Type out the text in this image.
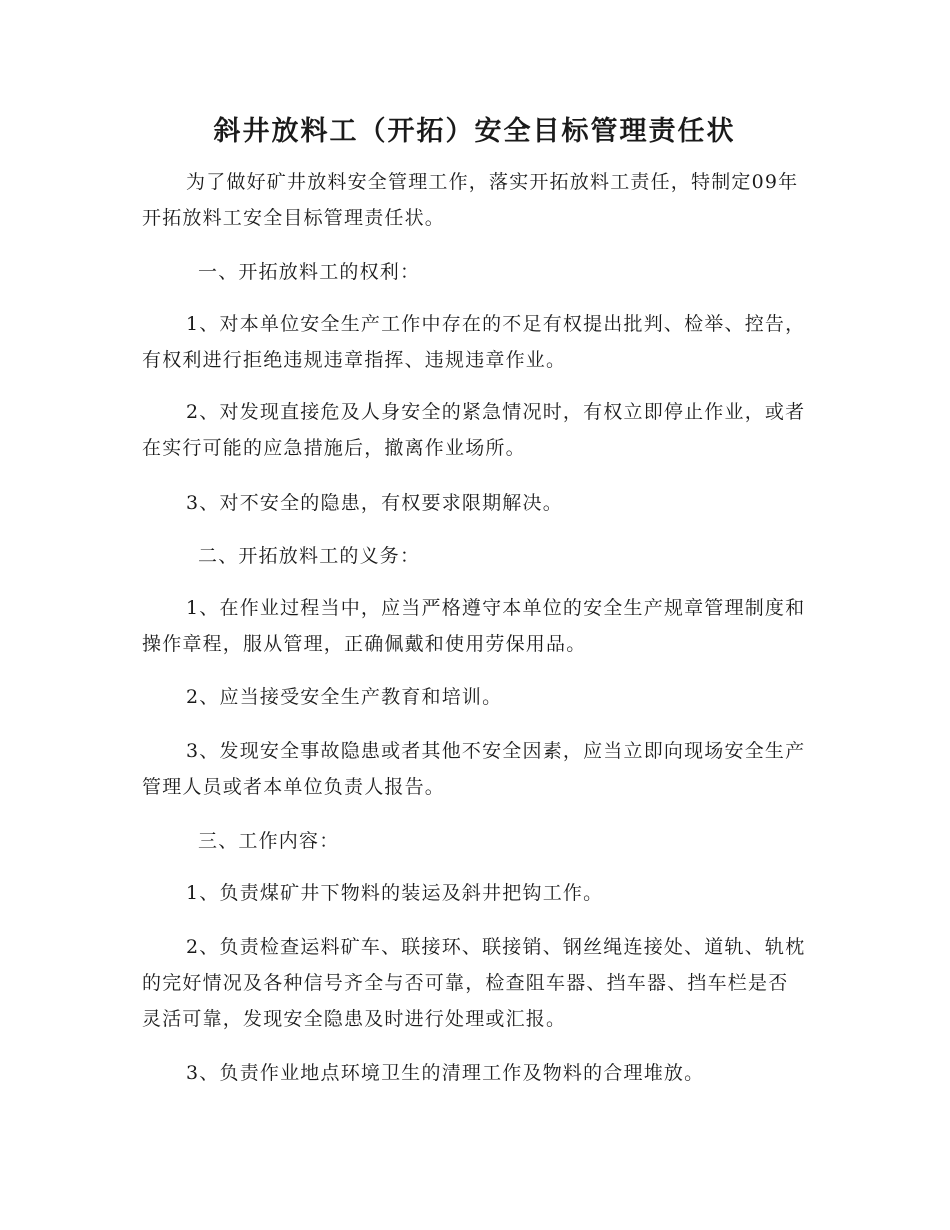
斜井放料工（开拓）安全目标管理责任状

为了做好矿井放料安全管理工作，落实开拓放料工责任，特制定09年开拓放料工安全目标管理责任状。

一、开拓放料工的权利：

1、对本单位安全生产工作中存在的不足有权提出批判、检举、控告，有权利进行拒绝违规违章指挥、违规违章作业。

2、对发现直接危及人身安全的紧急情况时，有权立即停止作业，或者在实行可能的应急措施后，撤离作业场所。

3、对不安全的隐患，有权要求限期解决。

二、开拓放料工的义务：

1、在作业过程当中，应当严格遵守本单位的安全生产规章管理制度和操作章程，服从管理，正确佩戴和使用劳保用品。

2、应当接受安全生产教育和培训。

3、发现安全事故隐患或者其他不安全因素，应当立即向现场安全生产管理人员或者本单位负责人报告。

三、工作内容：

1、负责煤矿井下物料的装运及斜井把钩工作。

2、负责检查运料矿车、联接环、联接销、钢丝绳连接处、道轨、轨枕的完好情况及各种信号齐全与否可靠，检查阻车器、挡车器、挡车栏是否灵活可靠，发现安全隐患及时进行处理或汇报。

3、负责作业地点环境卫生的清理工作及物料的合理堆放。
